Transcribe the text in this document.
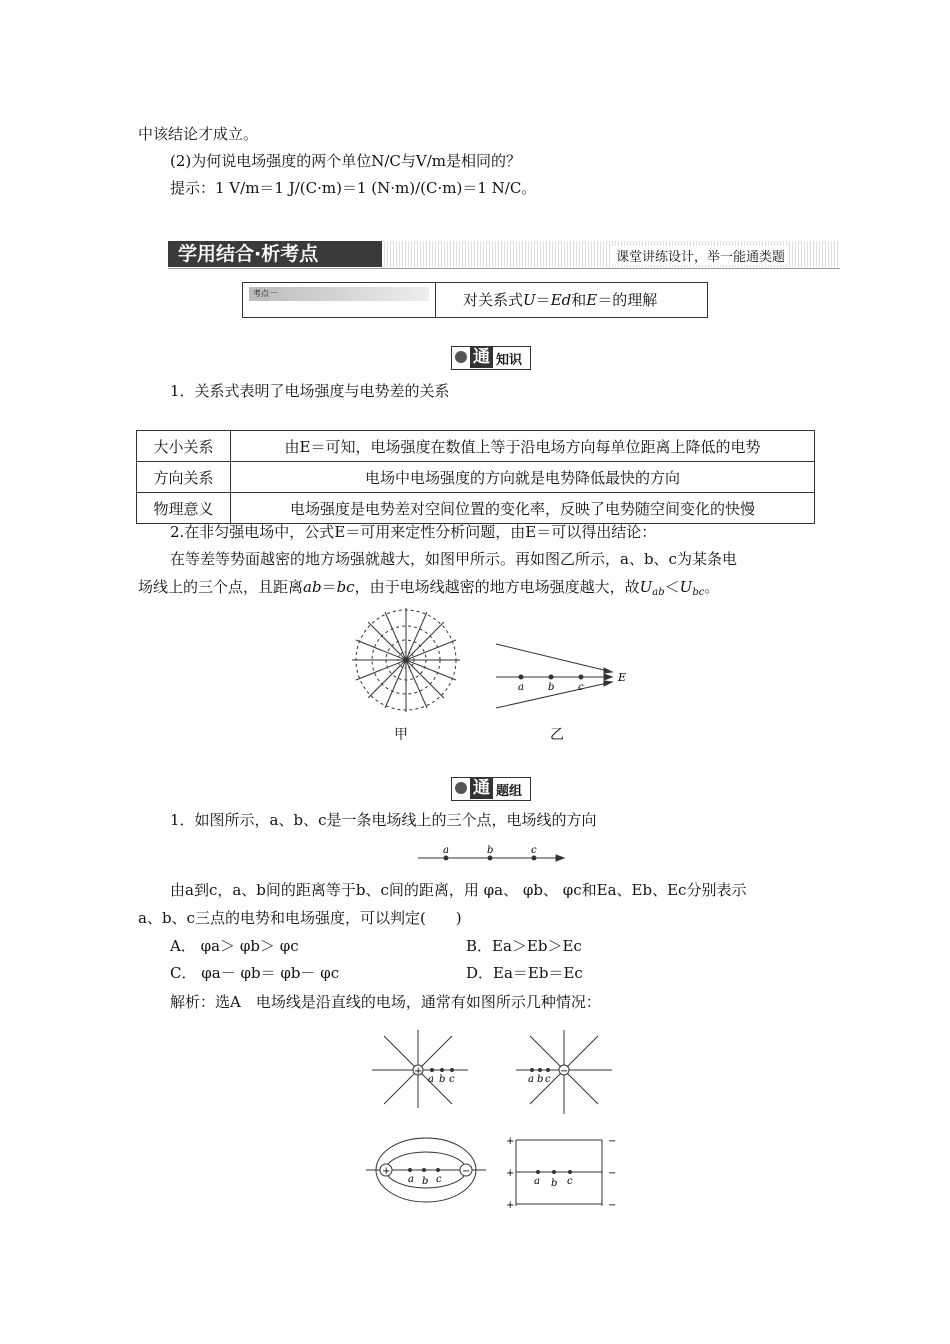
中该结论才成立。
(2)为何说电场强度的两个单位N/C与V/m是相同的？
提示：1 V/m＝1 J/(C·m)＝1 (N·m)/(C·m)＝1 N/C。
学用结合·析考点	课堂讲练设计，举一能通类题
考点一	对关系式U＝Ed和E＝的理解
通 知识
1．关系式表明了电场强度与电势差的关系
大小关系	由E＝可知，电场强度在数值上等于沿电场方向每单位距离上降低的电势
方向关系	电场中电场强度的方向就是电势降低最快的方向
物理意义	电场强度是电势差对空间位置的变化率，反映了电势随空间变化的快慢
2.在非匀强电场中，公式E＝可用来定性分析问题，由E＝可以得出结论：
在等差等势面越密的地方场强就越大，如图甲所示。再如图乙所示，a、b、c为某条电
场线上的三个点，且距离ab＝bc，由于电场线越密的地方电场强度越大，故$U_{ab}<U_{bc}$。
甲
a b c
E
乙
通 题组
1．如图所示，a、b、c是一条电场线上的三个点，电场线的方向
a	b	c
由a到c，a、b间的距离等于b、c间的距离，用 φa、 φb、 φc和Ea、Eb、Ec分别表示
a、b、c三点的电势和电场强度，可以判定(　　)
A． φa＞ φb＞ φc	B．Ea＞Eb＞Ec
C． φa－ φb＝ φb－ φc	D．Ea＝Eb＝Ec
解析：选A　电场线是沿直线的电场，通常有如图所示几种情况：
+
a b c
−
a b c
+	−
a b c
+
+
+
−
−
−
a b c
